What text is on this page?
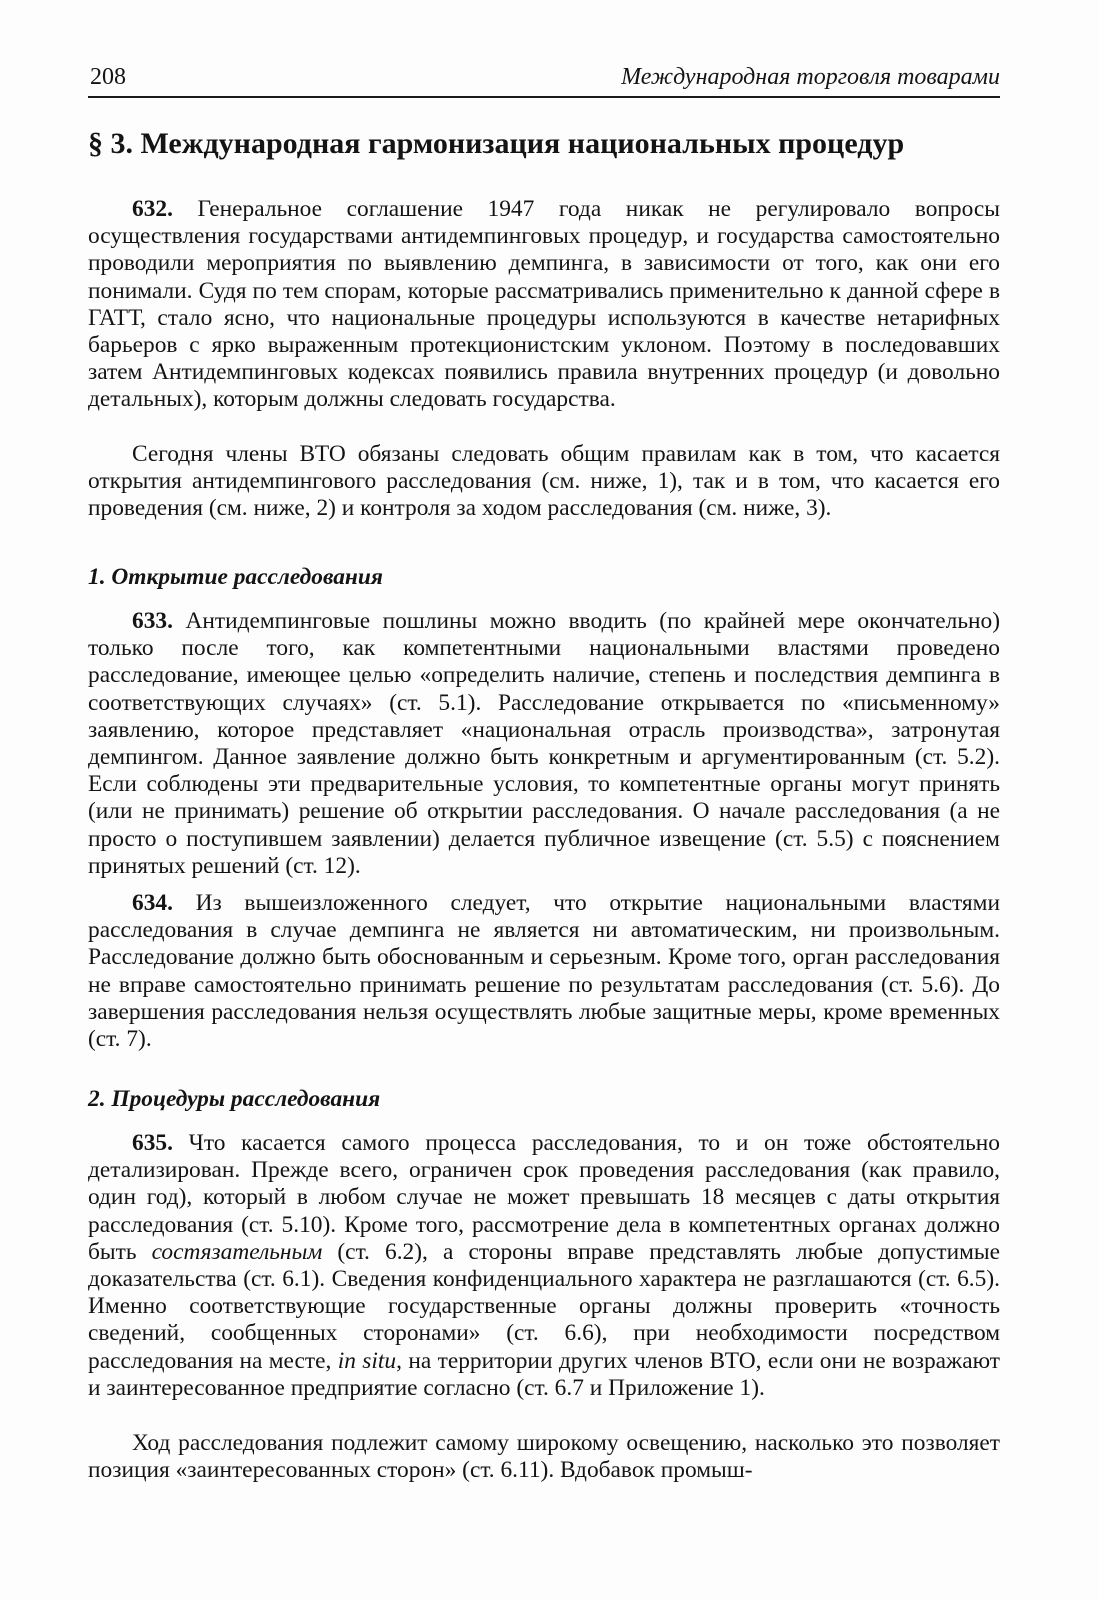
208	Международная торговля товарами
§ 3. Международная гармонизация национальных процедур

632. Генеральное соглашение 1947 года никак не регулировало вопросы осуществления государствами антидемпинговых процедур, и государства самостоятельно проводили мероприятия по выявлению демпинга, в зависимости от того, как они его понимали. Судя по тем спорам, которые рассматривались применительно к данной сфере в ГАТТ, стало ясно, что национальные процедуры используются в качестве нетарифных барьеров с ярко выраженным протекционистским уклоном. Поэтому в последовавших затем Антидемпинговых кодексах появились правила внутренних процедур (и довольно детальных), которым должны следовать государства.

Сегодня члены ВТО обязаны следовать общим правилам как в том, что касается открытия антидемпингового расследования (см. ниже, 1), так и в том, что касается его проведения (см. ниже, 2) и контроля за ходом расследования (см. ниже, 3).

1. Открытие расследования

633. Антидемпинговые пошлины можно вводить (по крайней мере окончательно) только после того, как компетентными национальными властями проведено расследование, имеющее целью «определить наличие, степень и последствия демпинга в соответствующих случаях» (ст. 5.1). Расследование открывается по «письменному» заявлению, которое представляет «национальная отрасль производства», затронутая демпингом. Данное заявление должно быть конкретным и аргументированным (ст. 5.2). Если соблюдены эти предварительные условия, то компетентные органы могут принять (или не принимать) решение об открытии расследования. О начале расследования (а не просто о поступившем заявлении) делается публичное извещение (ст. 5.5) с пояснением принятых решений (ст. 12).

634. Из вышеизложенного следует, что открытие национальными властями расследования в случае демпинга не является ни автоматическим, ни произвольным. Расследование должно быть обоснованным и серьезным. Кроме того, орган расследования не вправе самостоятельно принимать решение по результатам расследования (ст. 5.6). До завершения расследования нельзя осуществлять любые защитные меры, кроме временных (ст. 7).

2. Процедуры расследования

635. Что касается самого процесса расследования, то и он тоже обстоятельно детализирован. Прежде всего, ограничен срок проведения расследования (как правило, один год), который в любом случае не может превышать 18 месяцев с даты открытия расследования (ст. 5.10). Кроме того, рассмотрение дела в компетентных органах должно быть состязательным (ст. 6.2), а стороны вправе представлять любые допустимые доказательства (ст. 6.1). Сведения конфиденциального характера не разглашаются (ст. 6.5). Именно соответствующие государственные органы должны проверить «точность сведений, сообщенных сторонами» (ст. 6.6), при необходимости посредством расследования на месте, in situ, на территории других членов ВТО, если они не возражают и заинтересованное предприятие согласно (ст. 6.7 и Приложение 1).

Ход расследования подлежит самому широкому освещению, насколько это позволяет позиция «заинтересованных сторон» (ст. 6.11). Вдобавок промыш-
